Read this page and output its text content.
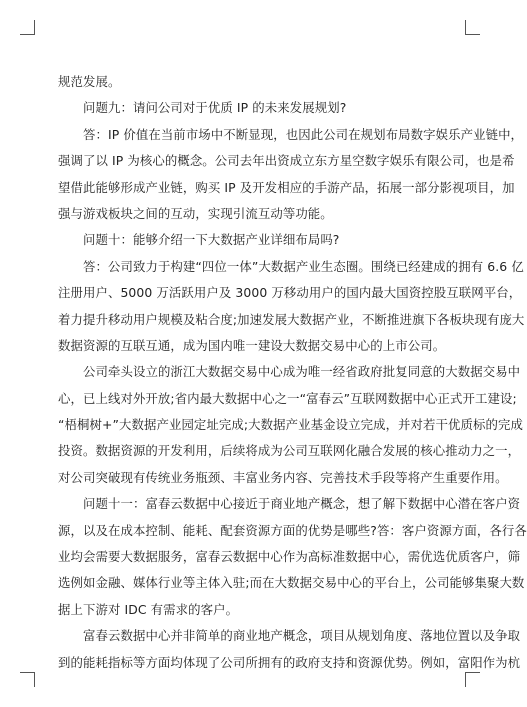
规范发展。
问题九：请问公司对于优质 IP 的未来发展规划?
答：IP 价值在当前市场中不断显现，也因此公司在规划布局数字娱乐产业链中，
强调了以 IP 为核心的概念。公司去年出资成立东方星空数字娱乐有限公司，也是希
望借此能够形成产业链，购买 IP 及开发相应的手游产品，拓展一部分影视项目，加
强与游戏板块之间的互动，实现引流互动等功能。
问题十：能够介绍一下大数据产业详细布局吗?
答：公司致力于构建“四位一体”大数据产业生态圈。围绕已经建成的拥有 6.6 亿
注册用户、5000 万活跃用户及 3000 万移动用户的国内最大国资控股互联网平台，
着力提升移动用户规模及粘合度;加速发展大数据产业，不断推进旗下各板块现有庞大
数据资源的互联互通，成为国内唯一建设大数据交易中心的上市公司。
公司牵头设立的浙江大数据交易中心成为唯一经省政府批复同意的大数据交易中
心，已上线对外开放;省内最大数据中心之一“富春云”互联网数据中心正式开工建设;
“梧桐树+”大数据产业园定址完成;大数据产业基金设立完成，并对若干优质标的完成
投资。数据资源的开发利用，后续将成为公司互联网化融合发展的核心推动力之一，
对公司突破现有传统业务瓶颈、丰富业务内容、完善技术手段等将产生重要作用。
问题十一：富春云数据中心接近于商业地产概念，想了解下数据中心潜在客户资
源，以及在成本控制、能耗、配套资源方面的优势是哪些?答：客户资源方面，各行各
业均会需要大数据服务，富春云数据中心作为高标准数据中心，需优选优质客户，筛
选例如金融、媒体行业等主体入驻;而在大数据交易中心的平台上，公司能够集聚大数
据上下游对 IDC 有需求的客户。
富春云数据中心并非简单的商业地产概念，项目从规划角度、落地位置以及争取
到的能耗指标等方面均体现了公司所拥有的政府支持和资源优势。例如，富阳作为杭
